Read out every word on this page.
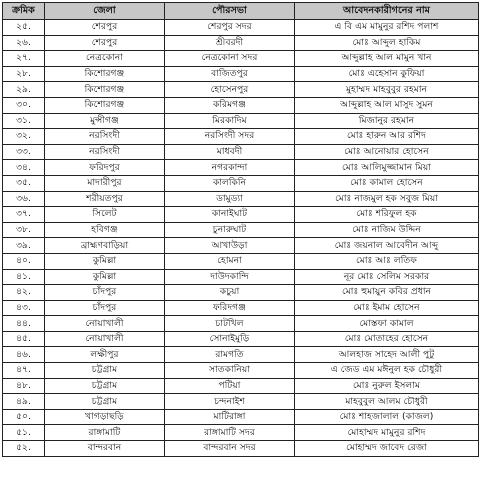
ক্রমিক	জেলা	পৌরসভা	আবেদনকারীগনের নাম
২৫.	শেরপুর	শেরপুর সদর	এ বি এম মামুনুর রশিদ পলাশ
২৬.	শেরপুর	শ্রীবরদী	মোঃ আব্দুল হাকিম
২৭.	নেত্রকোনা	নেত্রকোনা সদর	আব্দুল্লাহ আল মামুন খান
২৮.	কিশোরগঞ্জ	বাজিতপুর	মোঃ এহেসান কুফিয়া
২৯.	কিশোরগঞ্জ	হোসেনপুর	মুহাম্মদ মাহবুবুর রহমান
৩০.	কিশোরগঞ্জ	করিমগঞ্জ	আব্দুল্লাহ আল মাসুদ সুমন
৩১.	মুন্সীগঞ্জ	মিরকাদিম	মিজানুর রহমান
৩২.	নরসিংদী	নরসিংদী সদর	মোঃ হারুন আর রশিদ
৩৩.	নরসিংদী	মাধবদী	মোঃ আনোয়ার হোসেন
৩৪.	ফরিদপুর	নগরকান্দা	মোঃ আলিমুজ্জামান মিয়া
৩৫.	মাদারীপুর	কালকিনি	মোঃ কামাল হোসেন
৩৬.	শরীয়তপুর	ডামুড্যা	মোঃ নাজমুল হক সবুজ মিয়া
৩৭.	সিলেট	কানাইঘাট	মোঃ শরিফুল হক
৩৮.	হবিগঞ্জ	চুনারুঘাট	মোঃ নাজিম উদ্দিন
৩৯.	ব্রাহ্মণবাড়িয়া	আখাউড়া	মোঃ জয়নাল আবেদীন আব্দু
৪০.	কুমিল্লা	হোমনা	মোঃ আঃ লতিফ
৪১.	কুমিল্লা	দাউদকান্দি	নূর মোঃ সেলিম সরকার
৪২.	চাঁদপুর	কচুয়া	মোঃ হুমায়ুন কবির প্রধান
৪৩.	চাঁদপুর	ফরিদগঞ্জ	মোঃ ইমাম হোসেন
৪৪.	নোয়াখালী	চাটখিল	মোস্তফা কামাল
৪৫.	নোয়াখালী	সোনাইমুড়ি	মোঃ মোতাহের হোসেন
৪৬.	লক্ষীপুর	রামগতি	আলহাজ সাহেদ আলী পুটু
৪৭.	চট্টগ্রাম	সাতকানিয়া	এ জেড এম মঈনুল হক চৌধুরী
৪৮.	চট্টগ্রাম	পটিয়া	মোঃ নুরুল ইসলাম
৪৯.	চট্টগ্রাম	চন্দনাইশ	মাহবুবুল আলম চৌধুরী
৫০.	খাগড়াছড়ি	মাটিরাঙ্গা	মোঃ শাহজালাল (কাজল)
৫১.	রাঙ্গামাটি	রাঙ্গামাটি সদর	মোহাম্মদ মামুনুর রশিদ
৫২.	বান্দরবান	বান্দরবান সদর	মোহাম্মদ জাবেদ রেজা
